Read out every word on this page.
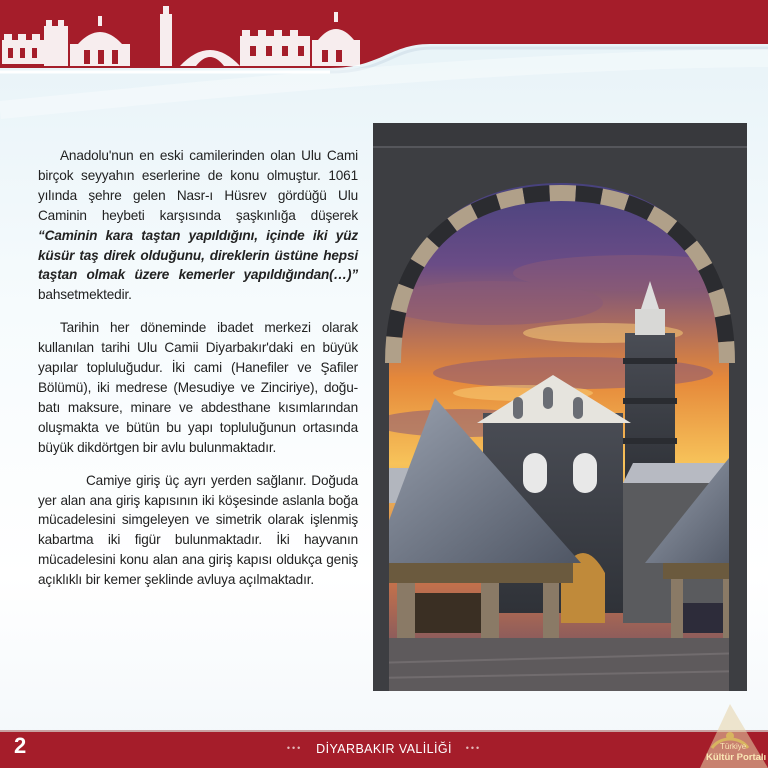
Anadolu'nun en eski camilerinden olan Ulu Cami birçok seyyahın eserlerine de konu olmuştur. 1061 yılında şehre gelen Nasr-ı Hüsrev gördüğü Ulu Caminin heybeti karşısında şaşkınlığa düşerek “Caminin kara taştan yapıldığını, içinde iki yüz küsür taş direk olduğunu, direklerin üstüne hepsi taştan olmak üzere kemerler yapıldığından(…)” bahsetmektedir.

Tarihin her döneminde ibadet merkezi olarak kullanılan tarihi Ulu Camii Diyarbakır'daki en büyük yapılar topluluğudur. İki cami (Hanefiler ve Şafiler Bölümü), iki medrese (Mesudiye ve Zinciriye), doğu-batı maksure, minare ve abdesthane kısımlarından oluşmakta ve bütün bu yapı topluluğunun ortasında büyük dikdörtgen bir avlu bulunmaktadır.

Camiye giriş üç ayrı yerden sağlanır. Doğuda yer alan ana giriş kapısının iki köşesinde aslanla boğa mücadelesini simgeleyen ve simetrik olarak işlenmiş kabartma iki figür bulunmaktadır. İki hayvanın mücadelesini konu alan ana giriş kapısı oldukça geniş açıklıklı bir kemer şeklinde avluya açılmaktadır.

2	••• DİYARBAKIR VALİLİĞİ •••	Türkiye
Kültür Portalı
